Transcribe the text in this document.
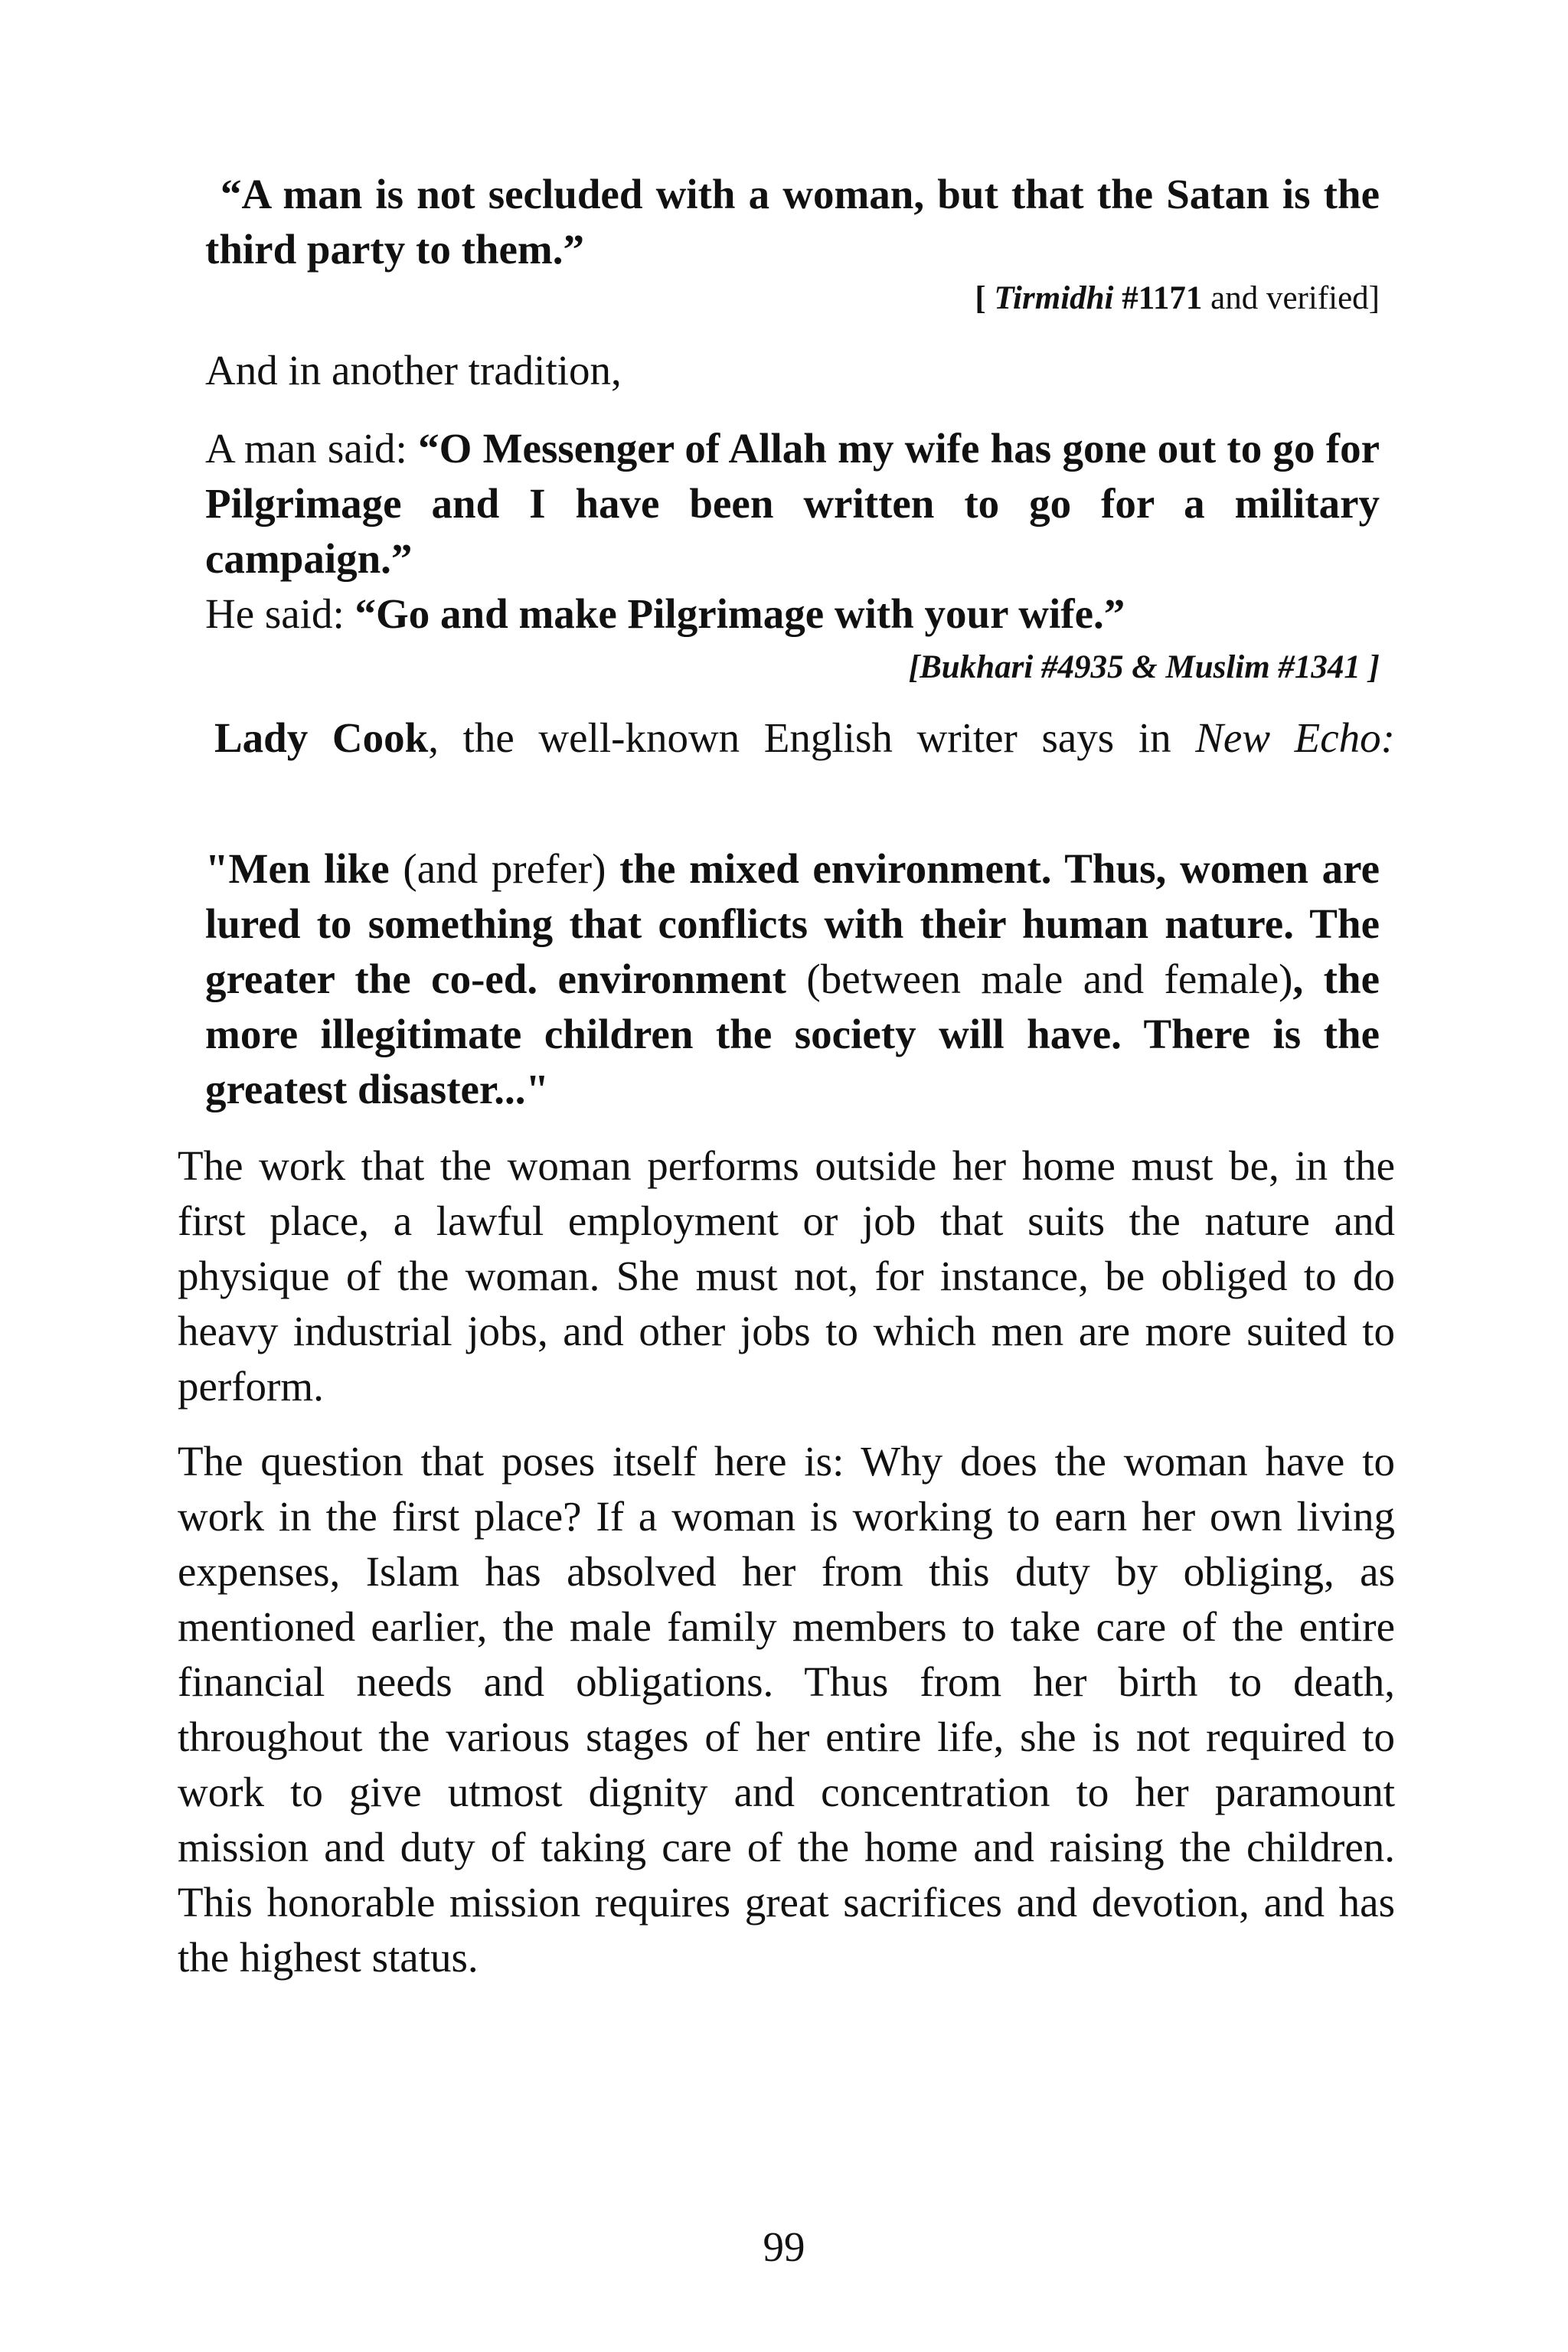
“A man is not secluded with a woman, but that the Satan is the third party to them.”
[ Tirmidhi #1171 and verified]
And in another tradition,
A man said: “O Messenger of Allah my wife has gone out to go for Pilgrimage and I have been written to go for a military campaign.”
He said: “Go and make Pilgrimage with your wife.”
[Bukhari #4935 & Muslim #1341 ]
Lady Cook, the well-known English writer says in New Echo:
"Men like (and prefer) the mixed environment. Thus, women are lured to something that conflicts with their human nature. The greater the co-ed. environment (between male and female), the more illegitimate children the society will have. There is the greatest disaster..."
The work that the woman performs outside her home must be, in the first place, a lawful employment or job that suits the nature and physique of the woman. She must not, for instance, be obliged to do heavy industrial jobs, and other jobs to which men are more suited to perform.
The question that poses itself here is: Why does the woman have to work in the first place? If a woman is working to earn her own living expenses, Islam has absolved her from this duty by obliging, as mentioned earlier, the male family members to take care of the entire financial needs and obligations. Thus from her birth to death, throughout the various stages of her entire life, she is not required to work to give utmost dignity and concentration to her paramount mission and duty of taking care of the home and raising the children. This honorable mission requires great sacrifices and devotion, and has the highest status.
99
